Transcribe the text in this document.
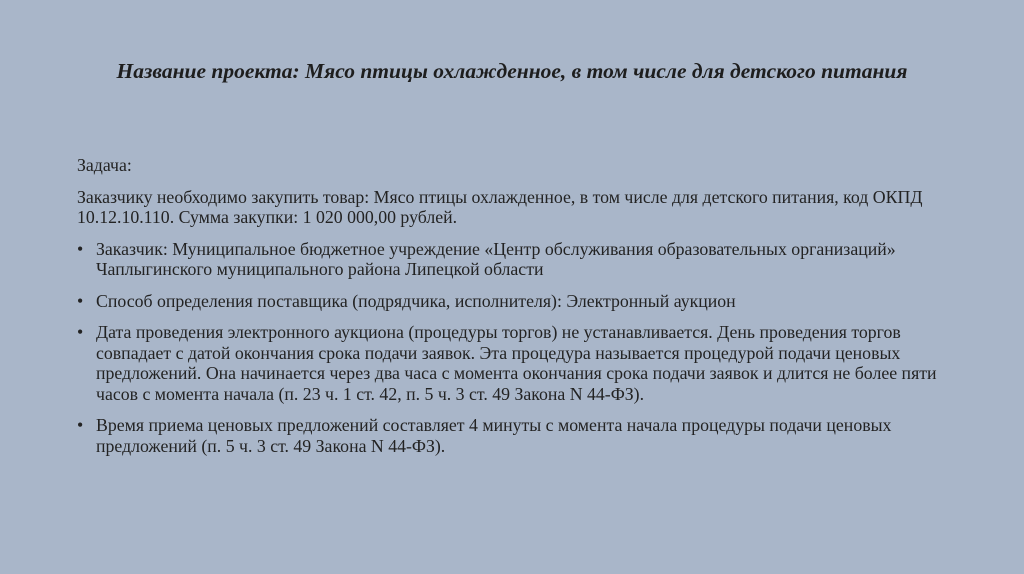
Название проекта: Мясо птицы охлажденное, в том числе для детского питания
Задача:
Заказчику необходимо закупить товар: Мясо птицы охлажденное, в том числе для детского питания, код ОКПД 10.12.10.110. Сумма закупки: 1 020 000,00 рублей.
• Заказчик: Муниципальное бюджетное учреждение «Центр обслуживания образовательных организаций» Чаплыгинского муниципального района Липецкой области
• Способ определения поставщика (подрядчика, исполнителя): Электронный аукцион
• Дата проведения электронного аукциона (процедуры торгов) не устанавливается. День проведения торгов совпадает с датой окончания срока подачи заявок. Эта процедура называется процедурой подачи ценовых предложений. Она начинается через два часа с момента окончания срока подачи заявок и длится не более пяти часов с момента начала (п. 23 ч. 1 ст. 42, п. 5 ч. 3 ст. 49 Закона N 44-ФЗ).
• Время приема ценовых предложений составляет 4 минуты с момента начала процедуры подачи ценовых предложений (п. 5 ч. 3 ст. 49 Закона N 44-ФЗ).
